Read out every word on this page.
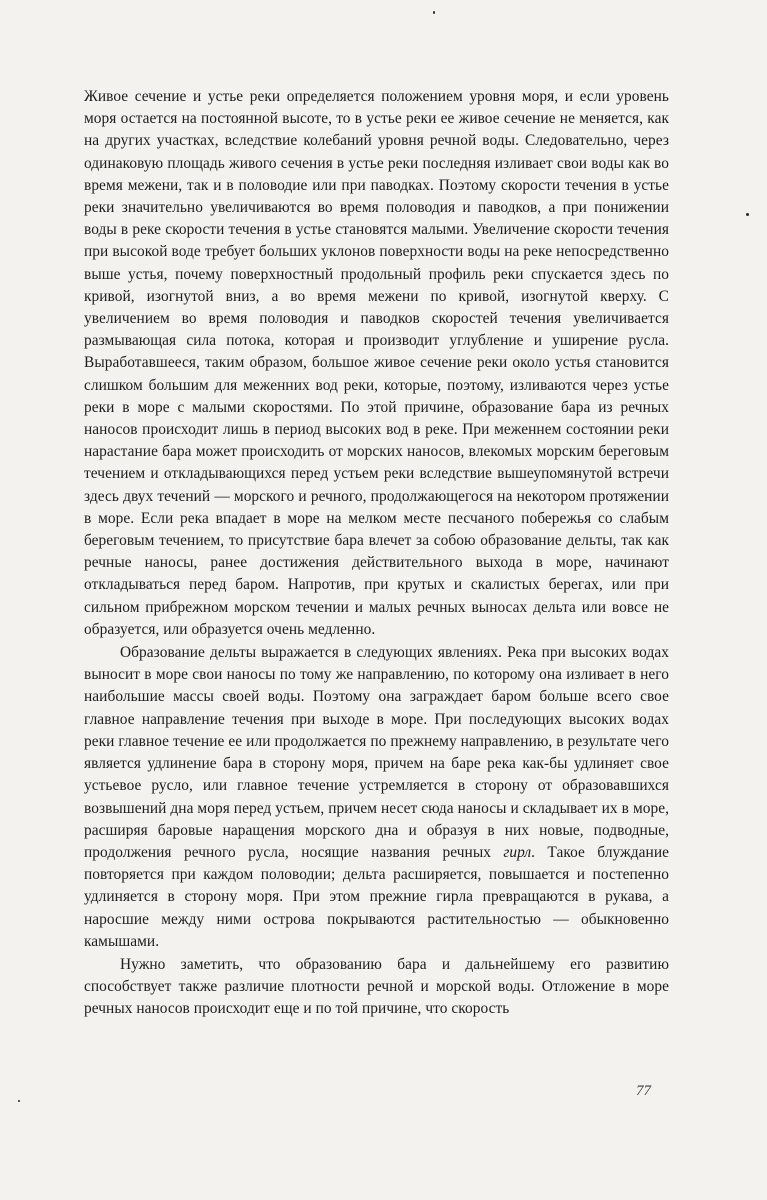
Живое сечение и устье реки определяется положением уровня моря, и если уровень моря остается на постоянной высоте, то в устье реки ее живое сечение не меняется, как на других участках, вследствие колебаний уровня речной воды. Следовательно, через одинаковую площадь живого сечения в устье реки последняя изливает свои воды как во время межени, так и в половодие или при паводках. Поэтому скорости течения в устье реки значительно увеличиваются во время половодия и паводков, а при понижении воды в реке скорости течения в устье становятся малыми. Увеличение скорости течения при высокой воде требует больших уклонов поверхности воды на реке непосредственно выше устья, почему поверхностный продольный профиль реки спускается здесь по кривой, изогнутой вниз, а во время межени по кривой, изогнутой кверху. С увеличением во время половодия и паводков скоростей течения увеличивается размывающая сила потока, которая и производит углубление и уширение русла. Выработавшееся, таким образом, большое живое сечение реки около устья становится слишком большим для меженних вод реки, которые, поэтому, изливаются через устье реки в море с малыми скоростями. По этой причине, образование бара из речных наносов происходит лишь в период высоких вод в реке. При меженнем состоянии реки нарастание бара может происходить от морских наносов, влекомых морским береговым течением и откладывающихся перед устьем реки вследствие вышеупомянутой встречи здесь двух течений — морского и речного, продолжающегося на некотором протяжении в море. Если река впадает в море на мелком месте песчаного побережья со слабым береговым течением, то присутствие бара влечет за собою образование дельты, так как речные наносы, ранее достижения действительного выхода в море, начинают откладываться перед баром. Напротив, при крутых и скалистых берегах, или при сильном прибрежном морском течении и малых речных выносах дельта или вовсе не образуется, или образуется очень медленно.

Образование дельты выражается в следующих явлениях. Река при высоких водах выносит в море свои наносы по тому же направлению, по которому она изливает в него наибольшие массы своей воды. Поэтому она заграждает баром больше всего свое главное направление течения при выходе в море. При последующих высоких водах реки главное течение ее или продолжается по прежнему направлению, в результате чего является удлинение бара в сторону моря, причем на баре река как-бы удлиняет свое устьевое русло, или главное течение устремляется в сторону от образовавшихся возвышений дна моря перед устьем, причем несет сюда наносы и складывает их в море, расширяя баровые наращения морского дна и образуя в них новые, подводные, продолжения речного русла, носящие названия речных гирл. Такое блуждание повторяется при каждом половодии; дельта расширяется, повышается и постепенно удлиняется в сторону моря. При этом прежние гирла превращаются в рукава, а наросшие между ними острова покрываются растительностью — обыкновенно камышами.

Нужно заметить, что образованию бара и дальнейшему его развитию способствует также различие плотности речной и морской воды. Отложение в море речных наносов происходит еще и по той причине, что скорость

77
